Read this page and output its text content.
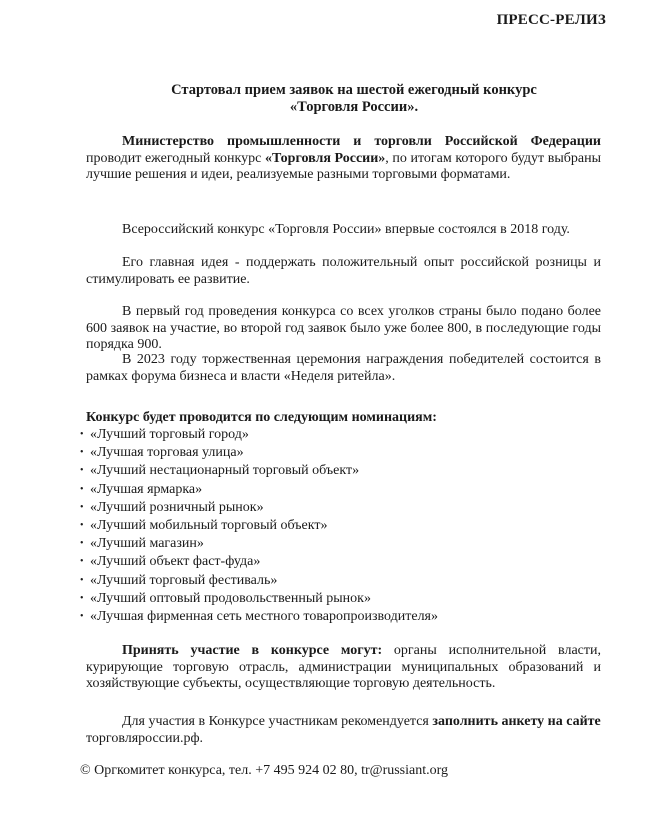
ПРЕСС-РЕЛИЗ
Стартовал прием заявок на шестой ежегодный конкурс
«Торговля России».
Министерство промышленности и торговли Российской Федерации проводит ежегодный конкурс «Торговля России», по итогам которого будут выбраны лучшие решения и идеи, реализуемые разными торговыми форматами.
Всероссийский конкурс «Торговля России» впервые состоялся в 2018 году.
Его главная идея - поддержать положительный опыт российской розницы и стимулировать ее развитие.
В первый год проведения конкурса со всех уголков страны было подано более 600 заявок на участие, во второй год заявок было уже более 800, в последующие годы порядка 900.
В 2023 году торжественная церемония награждения победителей состоится в рамках форума бизнеса и власти «Неделя ритейла».
Конкурс будет проводится по следующим номинациям:
• «Лучший торговый город»
• «Лучшая торговая улица»
• «Лучший нестационарный торговый объект»
• «Лучшая ярмарка»
• «Лучший розничный рынок»
• «Лучший мобильный торговый объект»
• «Лучший магазин»
• «Лучший объект фаст-фуда»
• «Лучший торговый фестиваль»
• «Лучший оптовый продовольственный рынок»
• «Лучшая фирменная сеть местного товаропроизводителя»
Принять участие в конкурсе могут: органы исполнительной власти, курирующие торговую отрасль, администрации муниципальных образований и хозяйствующие субъекты, осуществляющие торговую деятельность.
Для участия в Конкурсе участникам рекомендуется заполнить анкету на сайте торговляроссии.рф.
© Оргкомитет конкурса, тел. +7 495 924 02 80, tr@russiant.org
